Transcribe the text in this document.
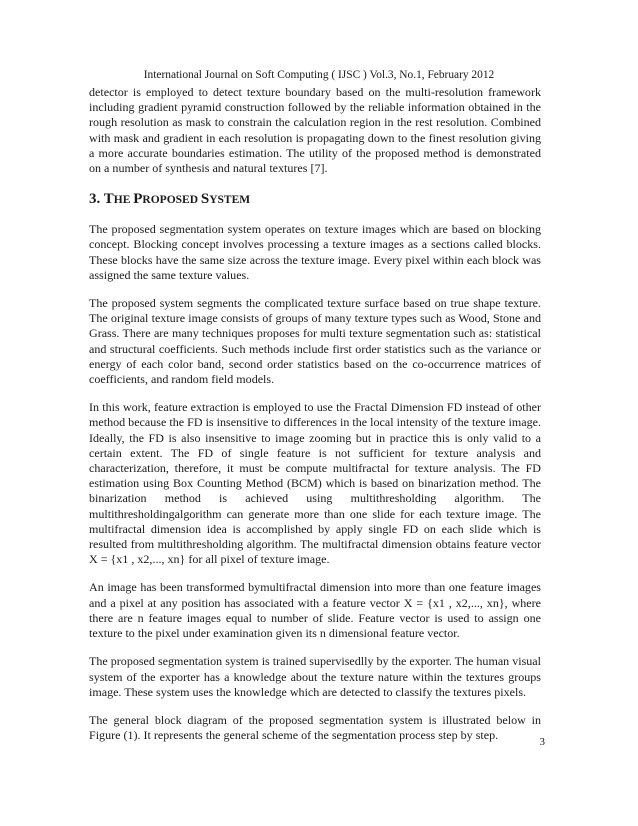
International Journal on Soft Computing ( IJSC ) Vol.3, No.1, February 2012

detector is employed to detect texture boundary based on the multi-resolution framework including gradient pyramid construction followed by the reliable information obtained in the rough resolution as mask to constrain the calculation region in the rest resolution. Combined with mask and gradient in each resolution is propagating down to the finest resolution giving a more accurate boundaries estimation. The utility of the proposed method is demonstrated on a number of synthesis and natural textures [7].

3. THE PROPOSED SYSTEM

The proposed segmentation system operates on texture images which are based on blocking concept. Blocking concept involves processing a texture images as a sections called blocks. These blocks have the same size across the texture image. Every pixel within each block was assigned the same texture values.

The proposed system segments the complicated texture surface based on true shape texture. The original texture image consists of groups of many texture types such as Wood, Stone and Grass. There are many techniques proposes for multi texture segmentation such as: statistical and structural coefficients. Such methods include first order statistics such as the variance or energy of each color band, second order statistics based on the co-occurrence matrices of coefficients, and random field models.

In this work, feature extraction is employed to use the Fractal Dimension FD instead of other method because the FD is insensitive to differences in the local intensity of the texture image. Ideally, the FD is also insensitive to image zooming but in practice this is only valid to a certain extent. The FD of single feature is not sufficient for texture analysis and characterization, therefore, it must be compute multifractal for texture analysis. The FD estimation using Box Counting Method (BCM) which is based on binarization method. The binarization method is achieved using multithresholding algorithm. The multithresholdingalgorithm can generate more than one slide for each texture image. The multifractal dimension idea is accomplished by apply single FD on each slide which is resulted from multithresholding algorithm. The multifractal dimension obtains feature vector X = {x1 , x2,..., xn} for all pixel of texture image.

An image has been transformed bymultifractal dimension into more than one feature images and a pixel at any position has associated with a feature vector X = {x1 , x2,..., xn}, where there are n feature images equal to number of slide. Feature vector is used to assign one texture to the pixel under examination given its n dimensional feature vector.

The proposed segmentation system is trained supervisedlly by the exporter. The human visual system of the exporter has a knowledge about the texture nature within the textures groups image. These system uses the knowledge which are detected to classify the textures pixels.

The general block diagram of the proposed segmentation system is illustrated below in Figure (1). It represents the general scheme of the segmentation process step by step.	3
